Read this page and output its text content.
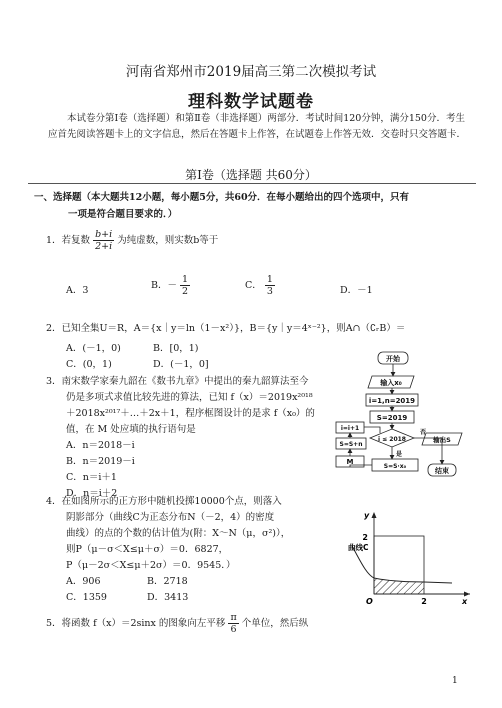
河南省郑州市2019届高三第二次模拟考试
理科数学试题卷
本试卷分第Ⅰ卷（选择题）和第Ⅱ卷（非选择题）两部分．考试时间120分钟，满分150分．考生应首先阅读答题卡上的文字信息，然后在答题卡上作答，在试题卷上作答无效．交卷时只交答题卡．
第Ⅰ卷（选择题 共60分）
一、选择题（本大题共12小题，每小题5分，共60分．在每小题给出的四个选项中，只有
一项是符合题目要求的．）
1．若复数 $\frac{b+i}{2+i}$ 为纯虚数，则实数b等于
A．3	B．－ $\frac{1}{2}$	C． $\frac{1}{3}$	D．－1
2．已知全集U＝R，A＝{x｜y＝ln（1－x²）}，B＝{y｜y＝4ˣ⁻²}，则A∩（∁ᵣB）＝
A．(－1，0)	B．[0，1)
C．(0，1)	D．(－1，0]
3．南宋数学家秦九韶在《数书九章》中提出的秦九韶算法至今
仍是多项式求值比较先进的算法，已知 f（x）＝2019x²⁰¹⁸
＋2018x²⁰¹⁷＋…＋2x＋1，程序框图设计的是求 f（x₀）的
值，在 M 处应填的执行语句是
A．n＝2018－i
B．n＝2019－i
C．n＝i＋1
D．n＝i＋2
开始
输入x₀
i=1,n=2019
S=2019
i ≤ 2018
否
是
i=i+1
S=S+n
M
S=S·x₀
输出S
结束
4．在如图所示的正方形中随机投掷10000个点，则落入
阴影部分（曲线C为正态分布N（－2，4）的密度
曲线）的点的个数的估计值为(附：X～N（μ，σ²)），
则P（μ－σ＜X≤μ＋σ）＝0．6827，
P（μ－2σ＜X≤μ＋2σ）＝0．9545．）
A．906	B．2718
C．1359	D．3413
2
2
O
y
x
曲线C
5．将函数 f（x）＝2sinx 的图象向左平移 $\frac{\pi}{6}$ 个单位，然后纵
1
